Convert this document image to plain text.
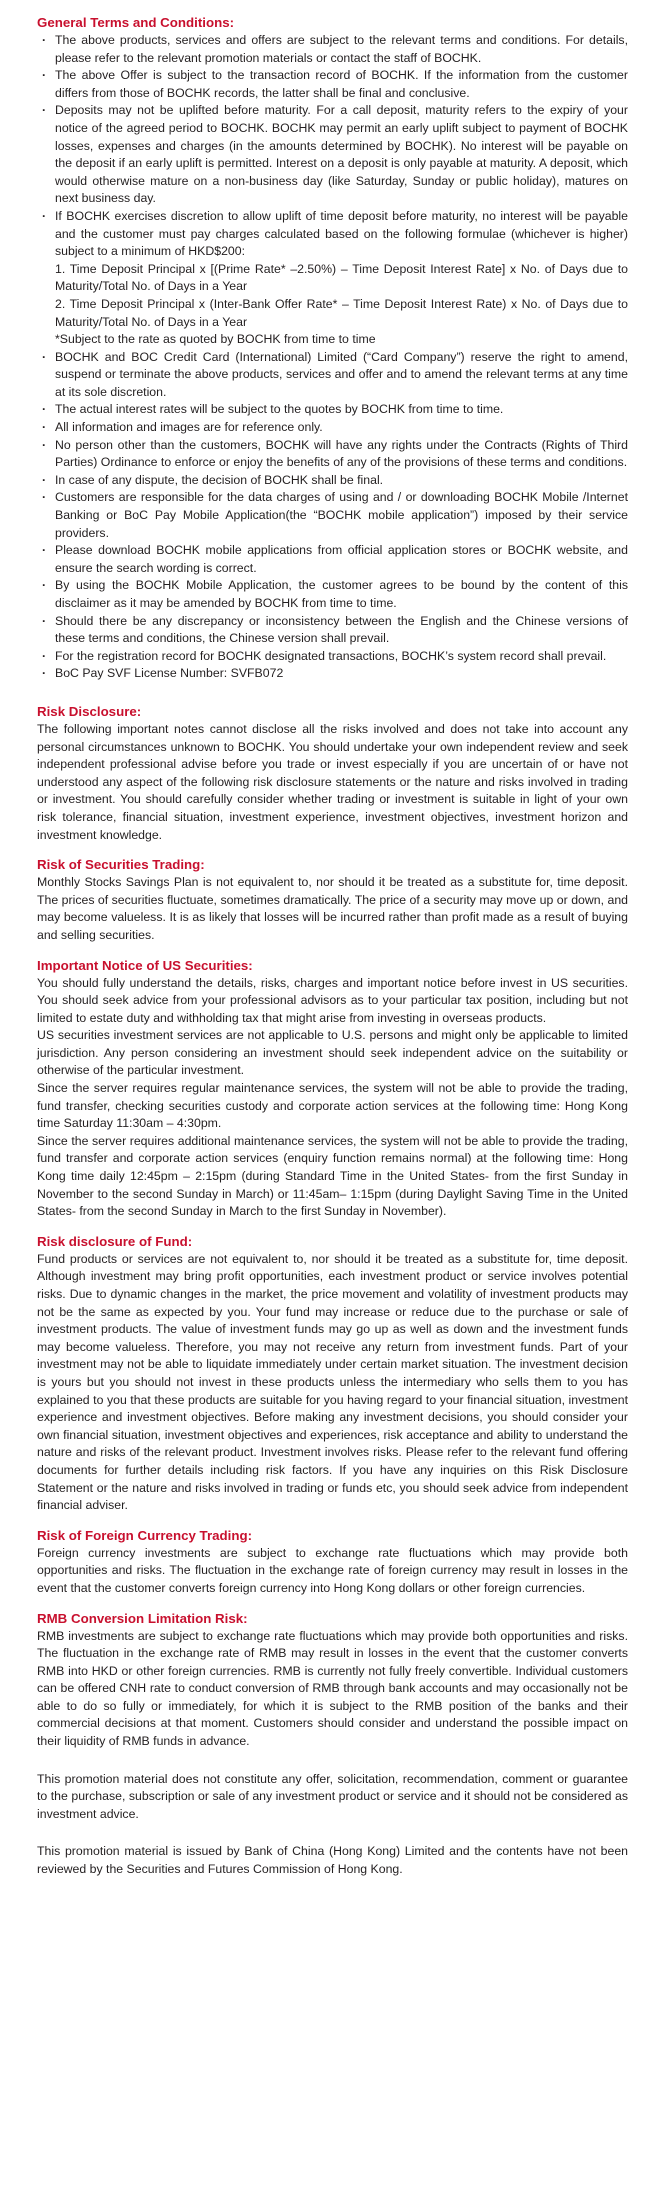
General Terms and Conditions:
· The above products, services and offers are subject to the relevant terms and conditions. For details, please refer to the relevant promotion materials or contact the staff of BOCHK.
· The above Offer is subject to the transaction record of BOCHK. If the information from the customer differs from those of BOCHK records, the latter shall be final and conclusive.
· Deposits may not be uplifted before maturity. For a call deposit, maturity refers to the expiry of your notice of the agreed period to BOCHK. BOCHK may permit an early uplift subject to payment of BOCHK losses, expenses and charges (in the amounts determined by BOCHK). No interest will be payable on the deposit if an early uplift is permitted. Interest on a deposit is only payable at maturity. A deposit, which would otherwise mature on a non-business day (like Saturday, Sunday or public holiday), matures on next business day.
· If BOCHK exercises discretion to allow uplift of time deposit before maturity, no interest will be payable and the customer must pay charges calculated based on the following formulae (whichever is higher) subject to a minimum of HKD$200:
1. Time Deposit Principal x [(Prime Rate* –2.50%) – Time Deposit Interest Rate] x No. of Days due to Maturity/Total No. of Days in a Year
2. Time Deposit Principal x (Inter-Bank Offer Rate* – Time Deposit Interest Rate) x No. of Days due to Maturity/Total No. of Days in a Year
*Subject to the rate as quoted by BOCHK from time to time
· BOCHK and BOC Credit Card (International) Limited (“Card Company”) reserve the right to amend, suspend or terminate the above products, services and offer and to amend the relevant terms at any time at its sole discretion.
· The actual interest rates will be subject to the quotes by BOCHK from time to time.
· All information and images are for reference only.
· No person other than the customers, BOCHK will have any rights under the Contracts (Rights of Third Parties) Ordinance to enforce or enjoy the benefits of any of the provisions of these terms and conditions.
· In case of any dispute, the decision of BOCHK shall be final.
· Customers are responsible for the data charges of using and / or downloading BOCHK Mobile /Internet Banking or BoC Pay Mobile Application(the “BOCHK mobile application”) imposed by their service providers.
· Please download BOCHK mobile applications from official application stores or BOCHK website, and ensure the search wording is correct.
· By using the BOCHK Mobile Application, the customer agrees to be bound by the content of this disclaimer as it may be amended by BOCHK from time to time.
· Should there be any discrepancy or inconsistency between the English and the Chinese versions of these terms and conditions, the Chinese version shall prevail.
· For the registration record for BOCHK designated transactions, BOCHK’s system record shall prevail.
· BoC Pay SVF License Number: SVFB072
Risk Disclosure:

The following important notes cannot disclose all the risks involved and does not take into account any personal circumstances unknown to BOCHK. You should undertake your own independent review and seek independent professional advise before you trade or invest especially if you are uncertain of or have not understood any aspect of the following risk disclosure statements or the nature and risks involved in trading or investment. You should carefully consider whether trading or investment is suitable in light of your own risk tolerance, financial situation, investment experience, investment objectives, investment horizon and investment knowledge.

Risk of Securities Trading:

Monthly Stocks Savings Plan is not equivalent to, nor should it be treated as a substitute for, time deposit. The prices of securities fluctuate, sometimes dramatically. The price of a security may move up or down, and may become valueless. It is as likely that losses will be incurred rather than profit made as a result of buying and selling securities.

Important Notice of US Securities:

You should fully understand the details, risks, charges and important notice before invest in US securities. You should seek advice from your professional advisors as to your particular tax position, including but not limited to estate duty and withholding tax that might arise from investing in overseas products.

US securities investment services are not applicable to U.S. persons and might only be applicable to limited jurisdiction. Any person considering an investment should seek independent advice on the suitability or otherwise of the particular investment.

Since the server requires regular maintenance services, the system will not be able to provide the trading, fund transfer, checking securities custody and corporate action services at the following time: Hong Kong time Saturday 11:30am – 4:30pm.

Since the server requires additional maintenance services, the system will not be able to provide the trading, fund transfer and corporate action services (enquiry function remains normal) at the following time: Hong Kong time daily 12:45pm – 2:15pm (during Standard Time in the United States- from the first Sunday in November to the second Sunday in March) or 11:45am– 1:15pm (during Daylight Saving Time in the United States- from the second Sunday in March to the first Sunday in November).

Risk disclosure of Fund:

Fund products or services are not equivalent to, nor should it be treated as a substitute for, time deposit. Although investment may bring profit opportunities, each investment product or service involves potential risks. Due to dynamic changes in the market, the price movement and volatility of investment products may not be the same as expected by you. Your fund may increase or reduce due to the purchase or sale of investment products. The value of investment funds may go up as well as down and the investment funds may become valueless. Therefore, you may not receive any return from investment funds. Part of your investment may not be able to liquidate immediately under certain market situation. The investment decision is yours but you should not invest in these products unless the intermediary who sells them to you has explained to you that these products are suitable for you having regard to your financial situation, investment experience and investment objectives. Before making any investment decisions, you should consider your own financial situation, investment objectives and experiences, risk acceptance and ability to understand the nature and risks of the relevant product. Investment involves risks. Please refer to the relevant fund offering documents for further details including risk factors. If you have any inquiries on this Risk Disclosure Statement or the nature and risks involved in trading or funds etc, you should seek advice from independent financial adviser.

Risk of Foreign Currency Trading:

Foreign currency investments are subject to exchange rate fluctuations which may provide both opportunities and risks. The fluctuation in the exchange rate of foreign currency may result in losses in the event that the customer converts foreign currency into Hong Kong dollars or other foreign currencies.

RMB Conversion Limitation Risk:

RMB investments are subject to exchange rate fluctuations which may provide both opportunities and risks. The fluctuation in the exchange rate of RMB may result in losses in the event that the customer converts RMB into HKD or other foreign currencies. RMB is currently not fully freely convertible. Individual customers can be offered CNH rate to conduct conversion of RMB through bank accounts and may occasionally not be able to do so fully or immediately, for which it is subject to the RMB position of the banks and their commercial decisions at that moment. Customers should consider and understand the possible impact on their liquidity of RMB funds in advance.

This promotion material does not constitute any offer, solicitation, recommendation, comment or guarantee to the purchase, subscription or sale of any investment product or service and it should not be considered as investment advice.

This promotion material is issued by Bank of China (Hong Kong) Limited and the contents have not been reviewed by the Securities and Futures Commission of Hong Kong.
